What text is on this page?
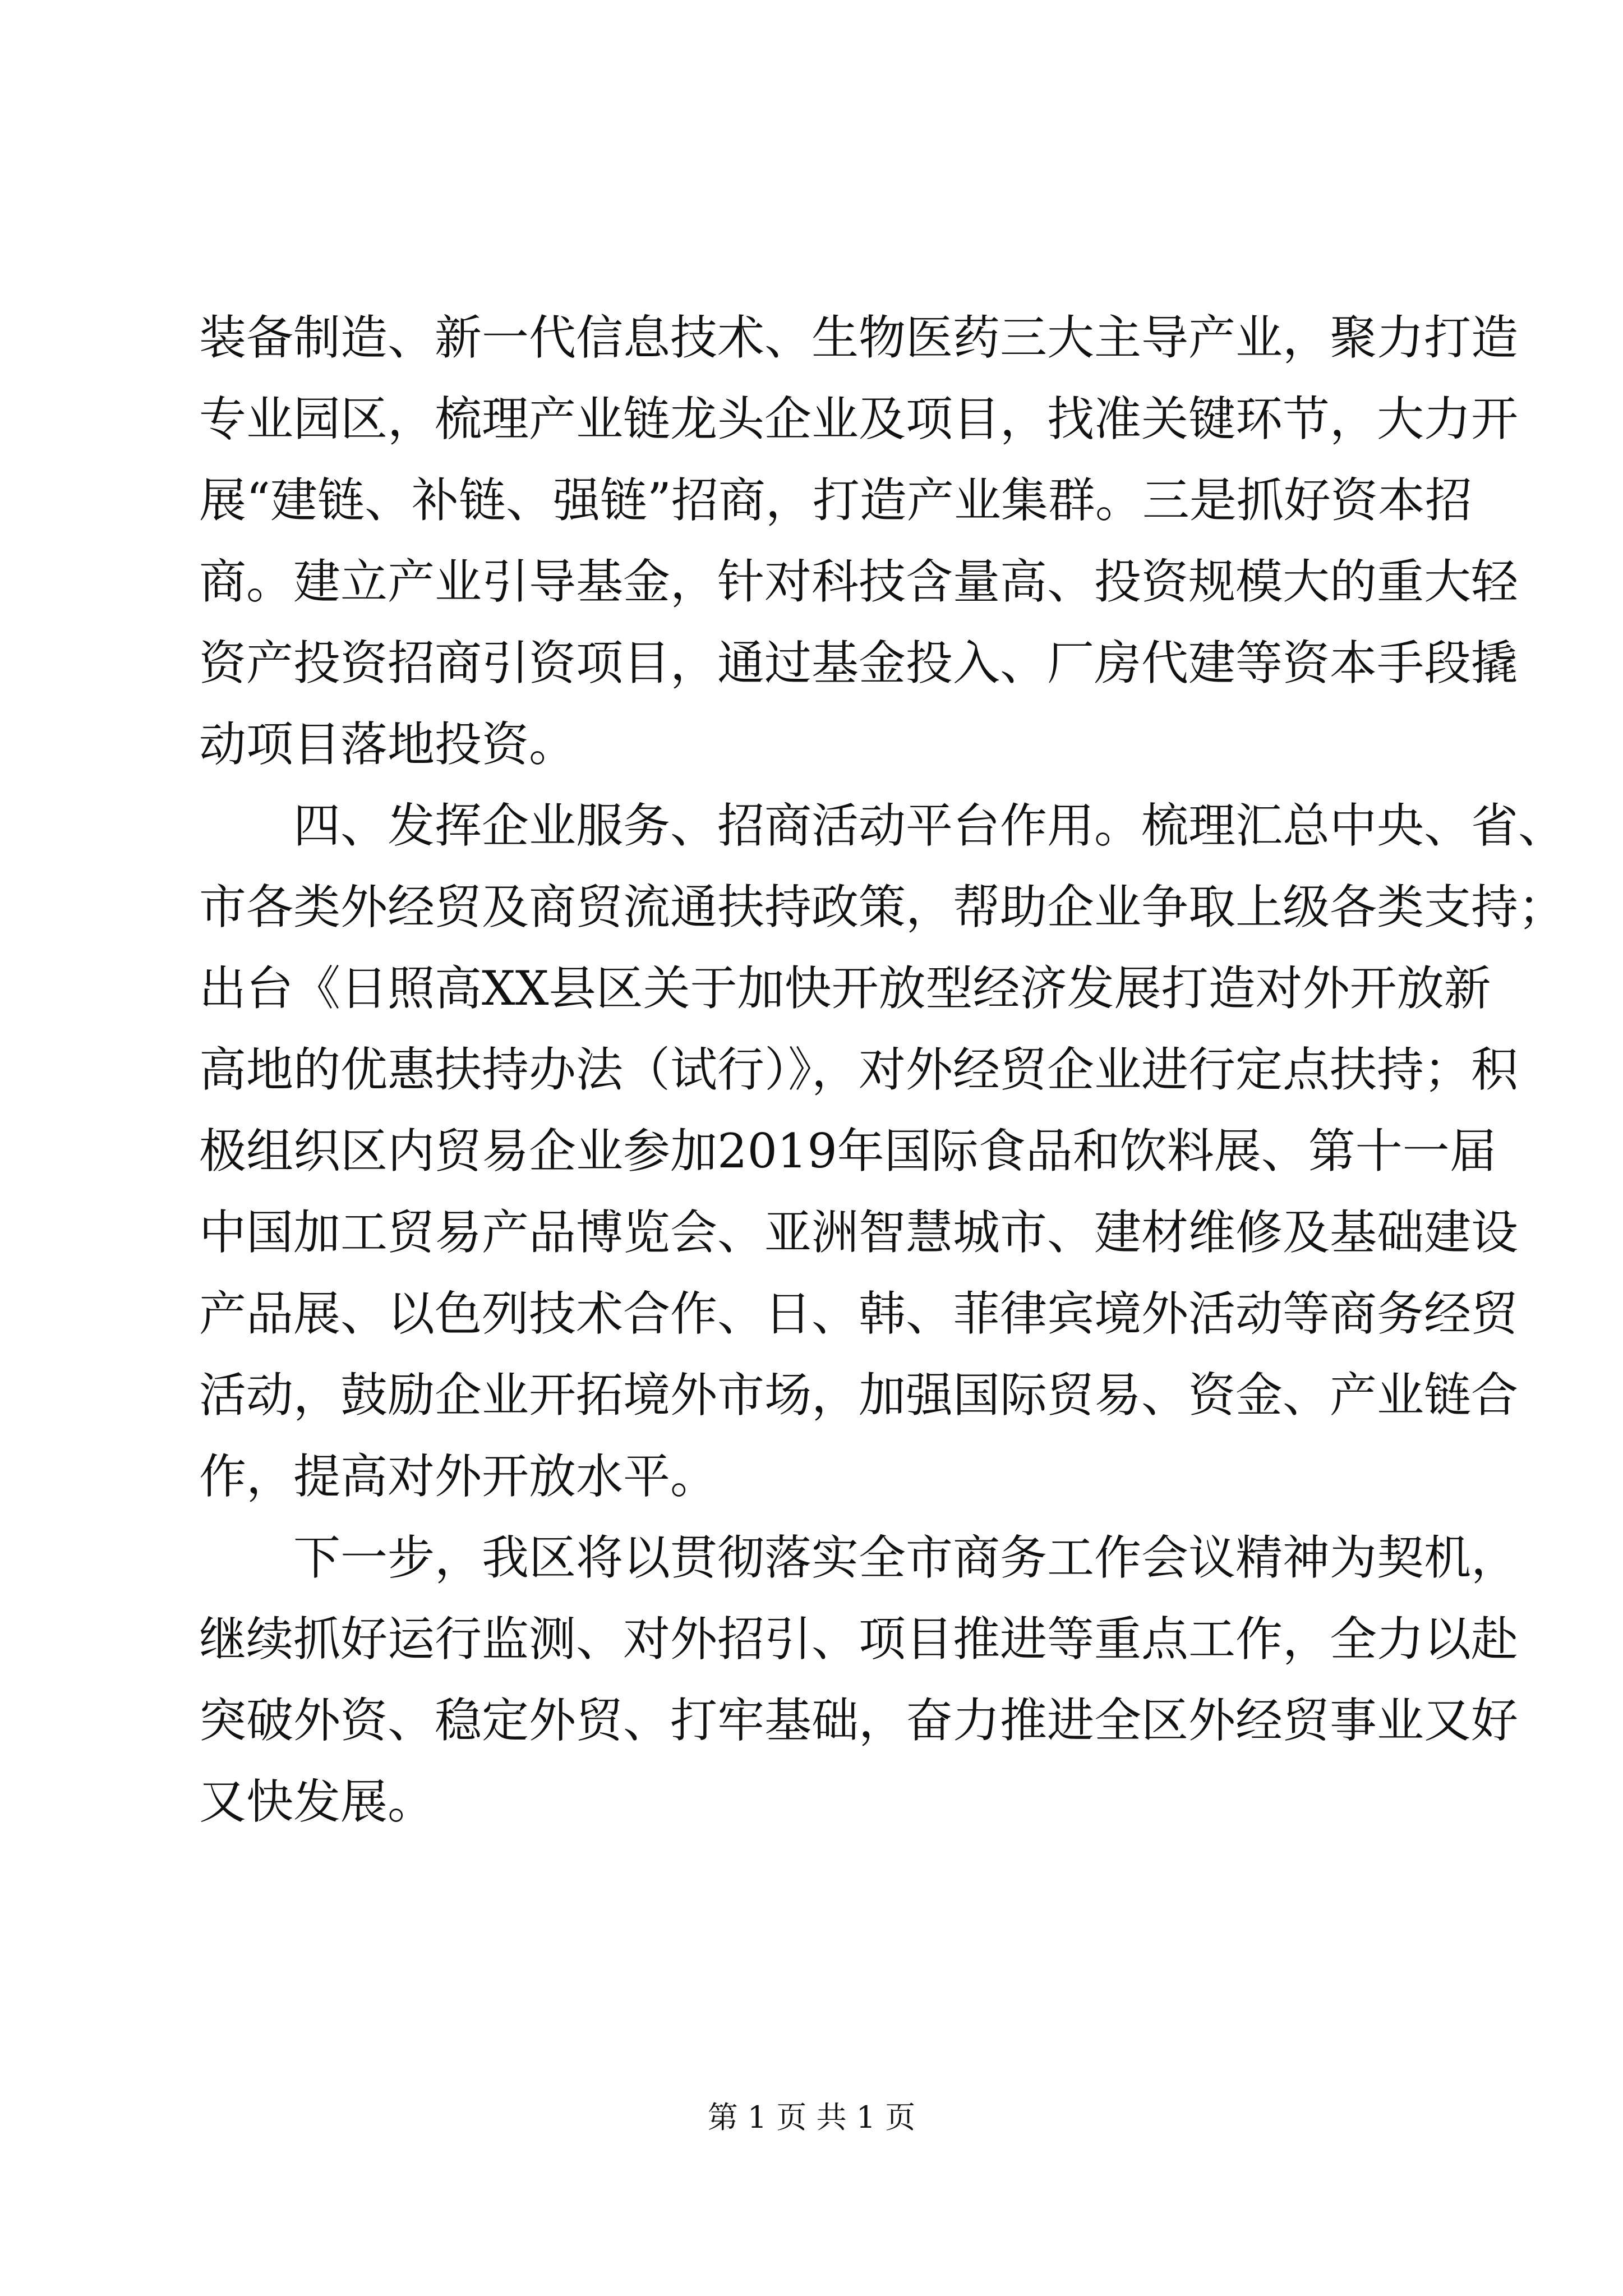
装备制造、新一代信息技术、生物医药三大主导产业，聚力打造
专业园区，梳理产业链龙头企业及项目，找准关键环节，大力开
展“建链、补链、强链”招商，打造产业集群。三是抓好资本招
商。建立产业引导基金，针对科技含量高、投资规模大的重大轻
资产投资招商引资项目，通过基金投入、厂房代建等资本手段撬
动项目落地投资。
四、发挥企业服务、招商活动平台作用。梳理汇总中央、省、
市各类外经贸及商贸流通扶持政策，帮助企业争取上级各类支持；
出台《日照高XX县区关于加快开放型经济发展打造对外开放新
高地的优惠扶持办法（试行）》，对外经贸企业进行定点扶持；积
极组织区内贸易企业参加2019年国际食品和饮料展、第十一届
中国加工贸易产品博览会、亚洲智慧城市、建材维修及基础建设
产品展、以色列技术合作、日、韩、菲律宾境外活动等商务经贸
活动，鼓励企业开拓境外市场，加强国际贸易、资金、产业链合
作，提高对外开放水平。
下一步，我区将以贯彻落实全市商务工作会议精神为契机，
继续抓好运行监测、对外招引、项目推进等重点工作，全力以赴
突破外资、稳定外贸、打牢基础，奋力推进全区外经贸事业又好
又快发展。
第 1 页 共 1 页
